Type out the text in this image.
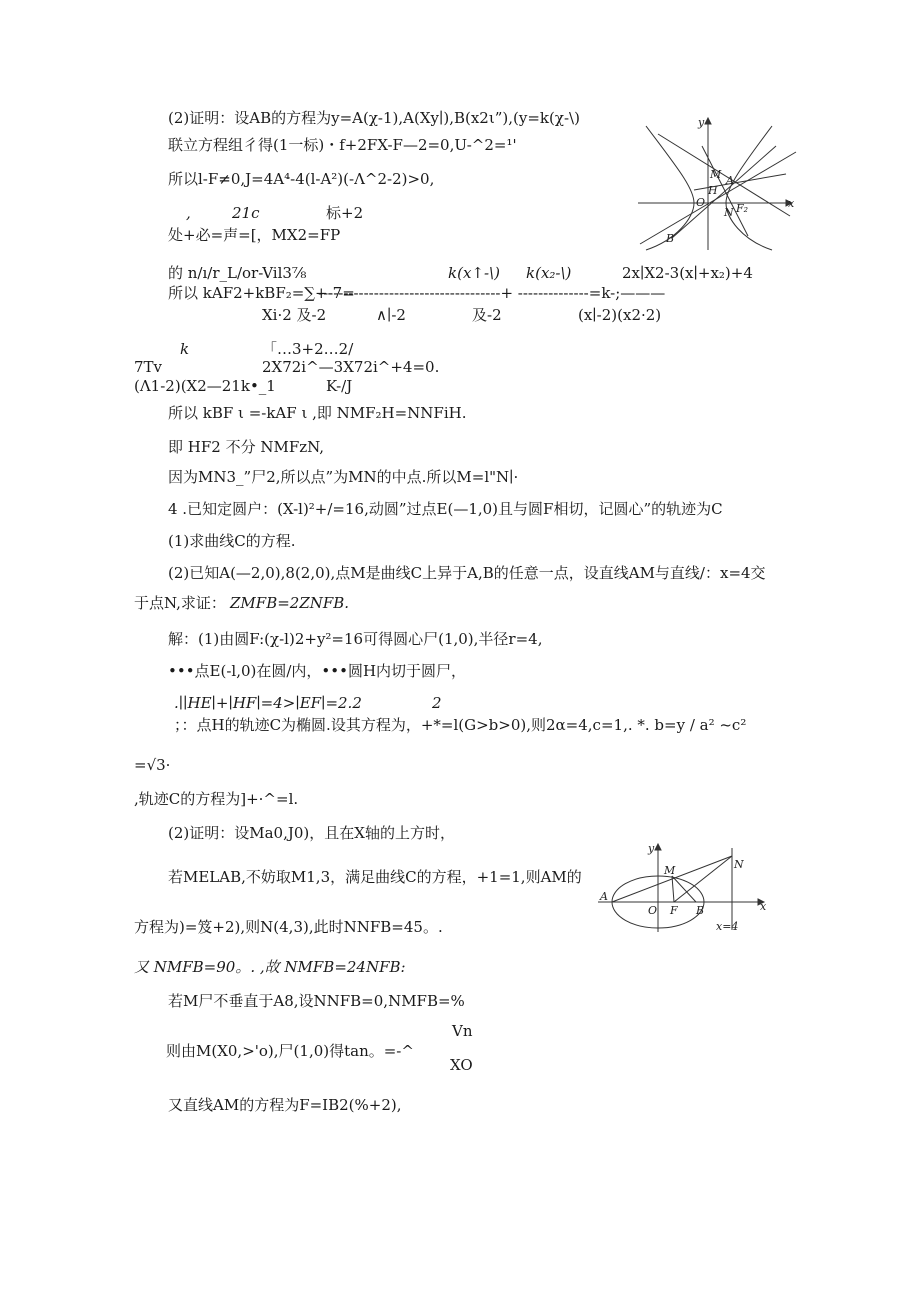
(2)证明：设AB的方程为y=A(χ-1),A(Xy∣),B(x2ι”),(y=k(χ-\)
联立方程组彳得(1一标)・f+2FX-F—2=0,U-^2=¹'
所以l-F≠0,J=4A⁴-4(l-A²)(-Λ^2-2)>0,
,	21c	标+2
处+必=声=[，MX2=FP
的 n/ı/r_L/or-Vil3⅞	k(x↑-\) k(x₂-\)	2x∣X2-3(x∣+x₂)+4
所以 kAF2+kBF₂=∑+-7=
------------------------------------+ --------------=k-;———
Xi·2 及-2	∧∣-2	及-2	(x∣-2)(x2·2)
k	「…3+2…2/
7Tv	2X72i^—3X72i^+4=0.
(Λ1-2)(X2—21k•_1	K-/J
所以 kBF ι =-kAF ι ,即 NMF₂H=NNFiH.
即 HF2 不分 NMFzN,
因为MN3_”尸2,所以点”为MN的中点.所以M=l"N∣·
4 .已知定圆户：(X-l)²+/=16,动圆”过点E(—1,0)且与圆F相切，记圆心”的轨迹为C
(1)求曲线C的方程.
(2)已知A(—2,0),8(2,0),点M是曲线C上异于A,B的任意一点，设直线AM与直线/：x=4交
于点N,求证： ZMFB=2ZNFB.
解：(1)由圆F:(χ-l)2+y²=16可得圆心尸(1,0),半径r=4,
•••点E(-l,0)在圆/内，•••圆H内切于圆尸，
.∣∣HE∣+∣HF∣=4>∣EF∣=2.2	2
；：点H的轨迹C为椭圆.设其方程为，+*=l(G>b>0),则2α=4,c=1,. *. b=y / a² ~c²
=√3·
,轨迹C的方程为]+·^=l.
(2)证明：设Ma0,J0)，且在X轴的上方时，
若MELAB,不妨取M1,3，满足曲线C的方程，+1=1,则AM的
方程为)=笈+2),则N(4,3),此时NNFB=45。.
又 NMFB=90。. ,故 NMFB=24NFB:
若M尸不垂直于A8,设NNFB=0,NMFB=%
Vn
则由M(X0,>'o),尸(1,0)得tan。=-^
XO
又直线AM的方程为F=IB2(%+2),
y
x
M A
H
O	F₂
N
B
y
x
M	N
A
O F B
x=4
